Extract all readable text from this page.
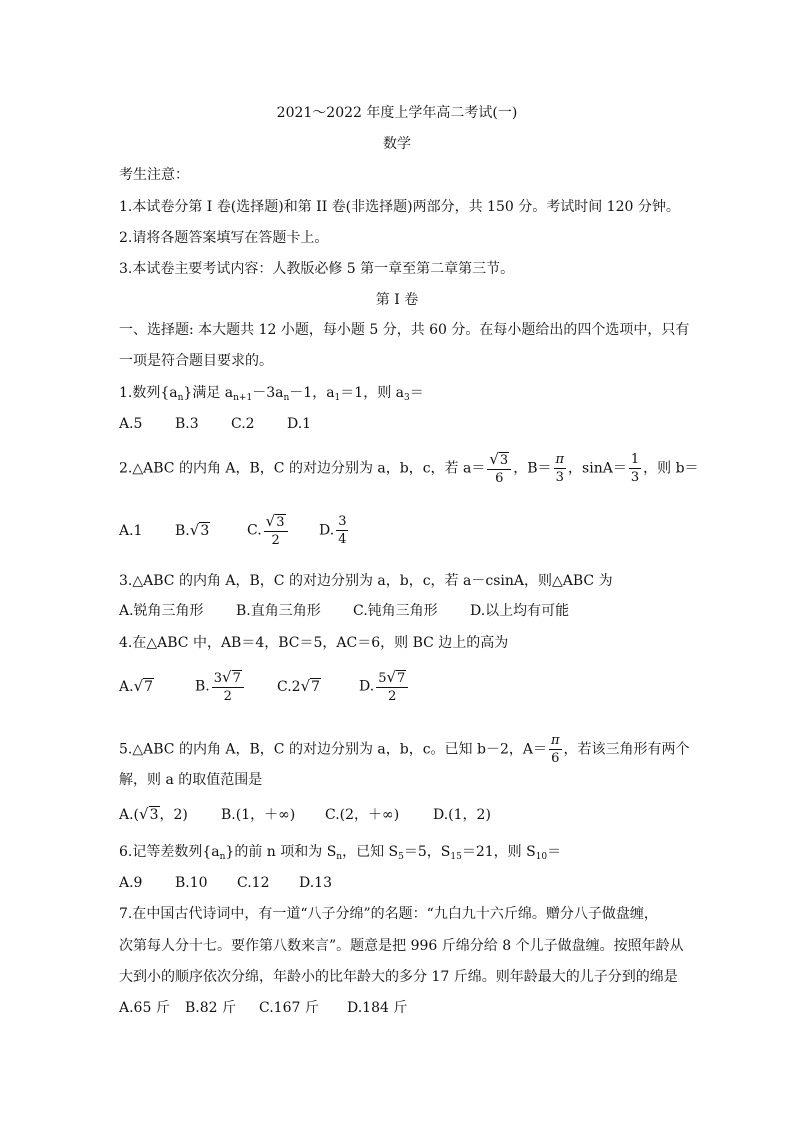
2021～2022 年度上学年高二考试(一)
数学
考生注意：
1.本试卷分第 I 卷(选择题)和第 II 卷(非选择题)两部分，共 150 分。考试时间 120 分钟。
2.请将各题答案填写在答题卡上。
3.本试卷主要考试内容：人教版必修 5 第一章至第二章第三节。
第 I 卷
一、选择题: 本大题共 12 小题，每小题 5 分，共 60 分。在每小题给出的四个选项中，只有
一项是符合题目要求的。
1.数列$\{a_n\}$满足 $a_{n+1}-3a_n-1$，$a_1=1$，则 $a_3=$
A.5 B.3 C.2 D.1
2.△ABC 的内角 A，B，C 的对边分别为 a，b，c，若 $a= \frac{√3}{6}$ ，$B= \frac{\pi}{3}$ ，$\sin A= \frac{1}{3}$ ，则 b＝
A.1 B.√3	C. $\frac{√3}{2} D$. $\frac{3}{4}$
3.△ABC 的内角 A，B，C 的对边分别为 a，b，c，若 a－csinA，则△ABC 为
A.锐角三角形 B.直角三角形 C.钝角三角形 D.以上均有可能
4.在△ABC 中，AB＝4，BC＝5，AC＝6，则 BC 边上的高为
A.√7	B. $\frac{3√7}{2} C.2√7$	D. $\frac{5√7}{2}$
5.△ABC 的内角 A，B，C 的对边分别为 a，b，c。已知 b－2，$A= \frac{\pi}{6}$ ，若该三角形有两个
解，则 a 的取值范围是
A.(√3，2) B.(1，＋∞) C.(2，＋∞) D.(1，2)
6.记等差数列$\{a_n\}$的前 n 项和为 $S_n$，已知 $S_5=5$，$S_{15}=21$，则 $S_{10}=$
A.9 B.10 C.12 D.13
7.在中国古代诗词中，有一道“八子分绵”的名题：“九白九十六斤绵。赠分八子做盘缠，
次第每人分十七。要作第八数来言”。题意是把 996 斤绵分给 8 个儿子做盘缠。按照年龄从
大到小的顺序依次分绵，年龄小的比年龄大的多分 17 斤绵。则年龄最大的儿子分到的绵是
A.65 斤 B.82 斤 C.167 斤 D.184 斤
